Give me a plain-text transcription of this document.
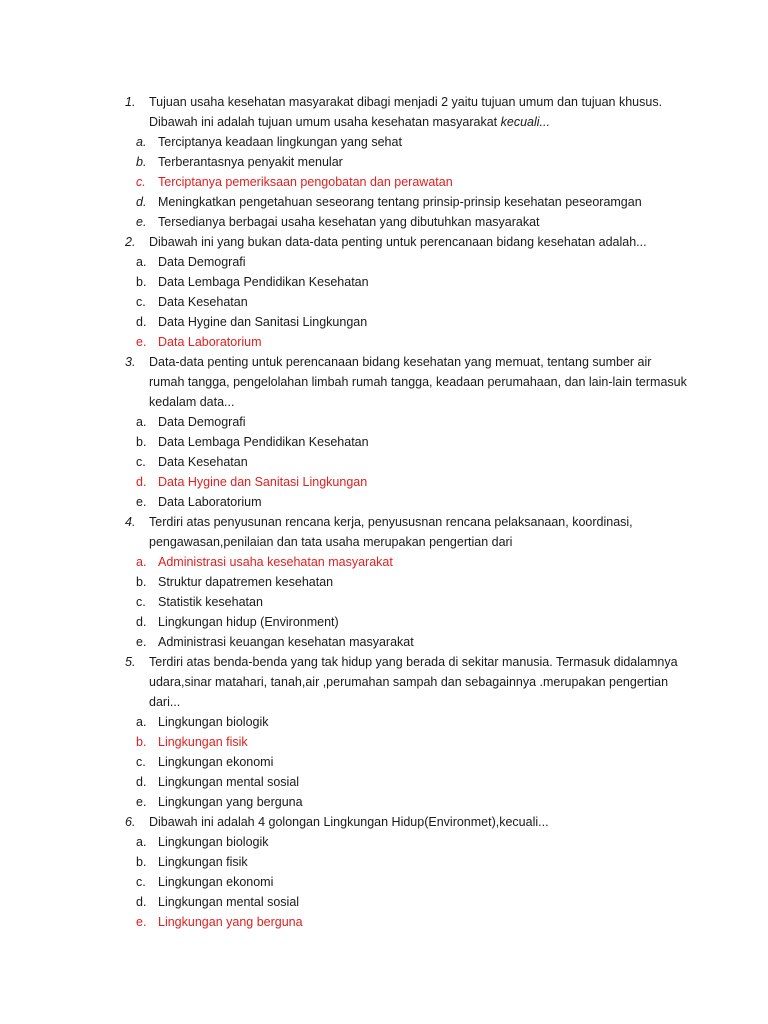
1.	Tujuan usaha kesehatan masyarakat dibagi menjadi 2 yaitu tujuan umum dan tujuan khusus. Dibawah ini adalah tujuan umum usaha kesehatan masyarakat kecuali...
a. Terciptanya keadaan lingkungan yang sehat
b. Terberantasnya penyakit menular
c. Terciptanya pemeriksaan pengobatan dan perawatan
d. Meningkatkan pengetahuan seseorang tentang prinsip-prinsip kesehatan peseoramgan
e. Tersedianya berbagai usaha kesehatan yang dibutuhkan masyarakat
2.	Dibawah ini yang bukan data-data penting untuk perencanaan bidang kesehatan adalah...
a. Data Demografi
b. Data Lembaga Pendidikan Kesehatan
c. Data Kesehatan
d. Data Hygine dan Sanitasi Lingkungan
e. Data Laboratorium
3.	Data-data penting untuk perencanaan bidang kesehatan yang memuat, tentang sumber air rumah tangga, pengelolahan limbah rumah tangga, keadaan perumahaan, dan lain-lain termasuk kedalam data...
a. Data Demografi
b. Data Lembaga Pendidikan Kesehatan
c. Data Kesehatan
d. Data Hygine dan Sanitasi Lingkungan
e. Data Laboratorium
4.	Terdiri atas penyusunan rencana kerja, penyususnan rencana pelaksanaan, koordinasi, pengawasan,penilaian dan tata usaha merupakan pengertian dari
a. Administrasi usaha kesehatan masyarakat
b. Struktur dapatremen kesehatan
c. Statistik kesehatan
d. Lingkungan hidup (Environment)
e. Administrasi keuangan kesehatan masyarakat
5.	Terdiri atas benda-benda yang tak hidup yang berada di sekitar manusia. Termasuk didalamnya udara,sinar matahari, tanah,air ,perumahan sampah dan sebagainnya .merupakan pengertian dari...
a. Lingkungan biologik
b. Lingkungan fisik
c. Lingkungan ekonomi
d. Lingkungan mental sosial
e. Lingkungan yang berguna
6.	Dibawah ini adalah 4 golongan Lingkungan Hidup(Environmet),kecuali...
a. Lingkungan biologik
b. Lingkungan fisik
c. Lingkungan ekonomi
d. Lingkungan mental sosial
e. Lingkungan yang berguna
